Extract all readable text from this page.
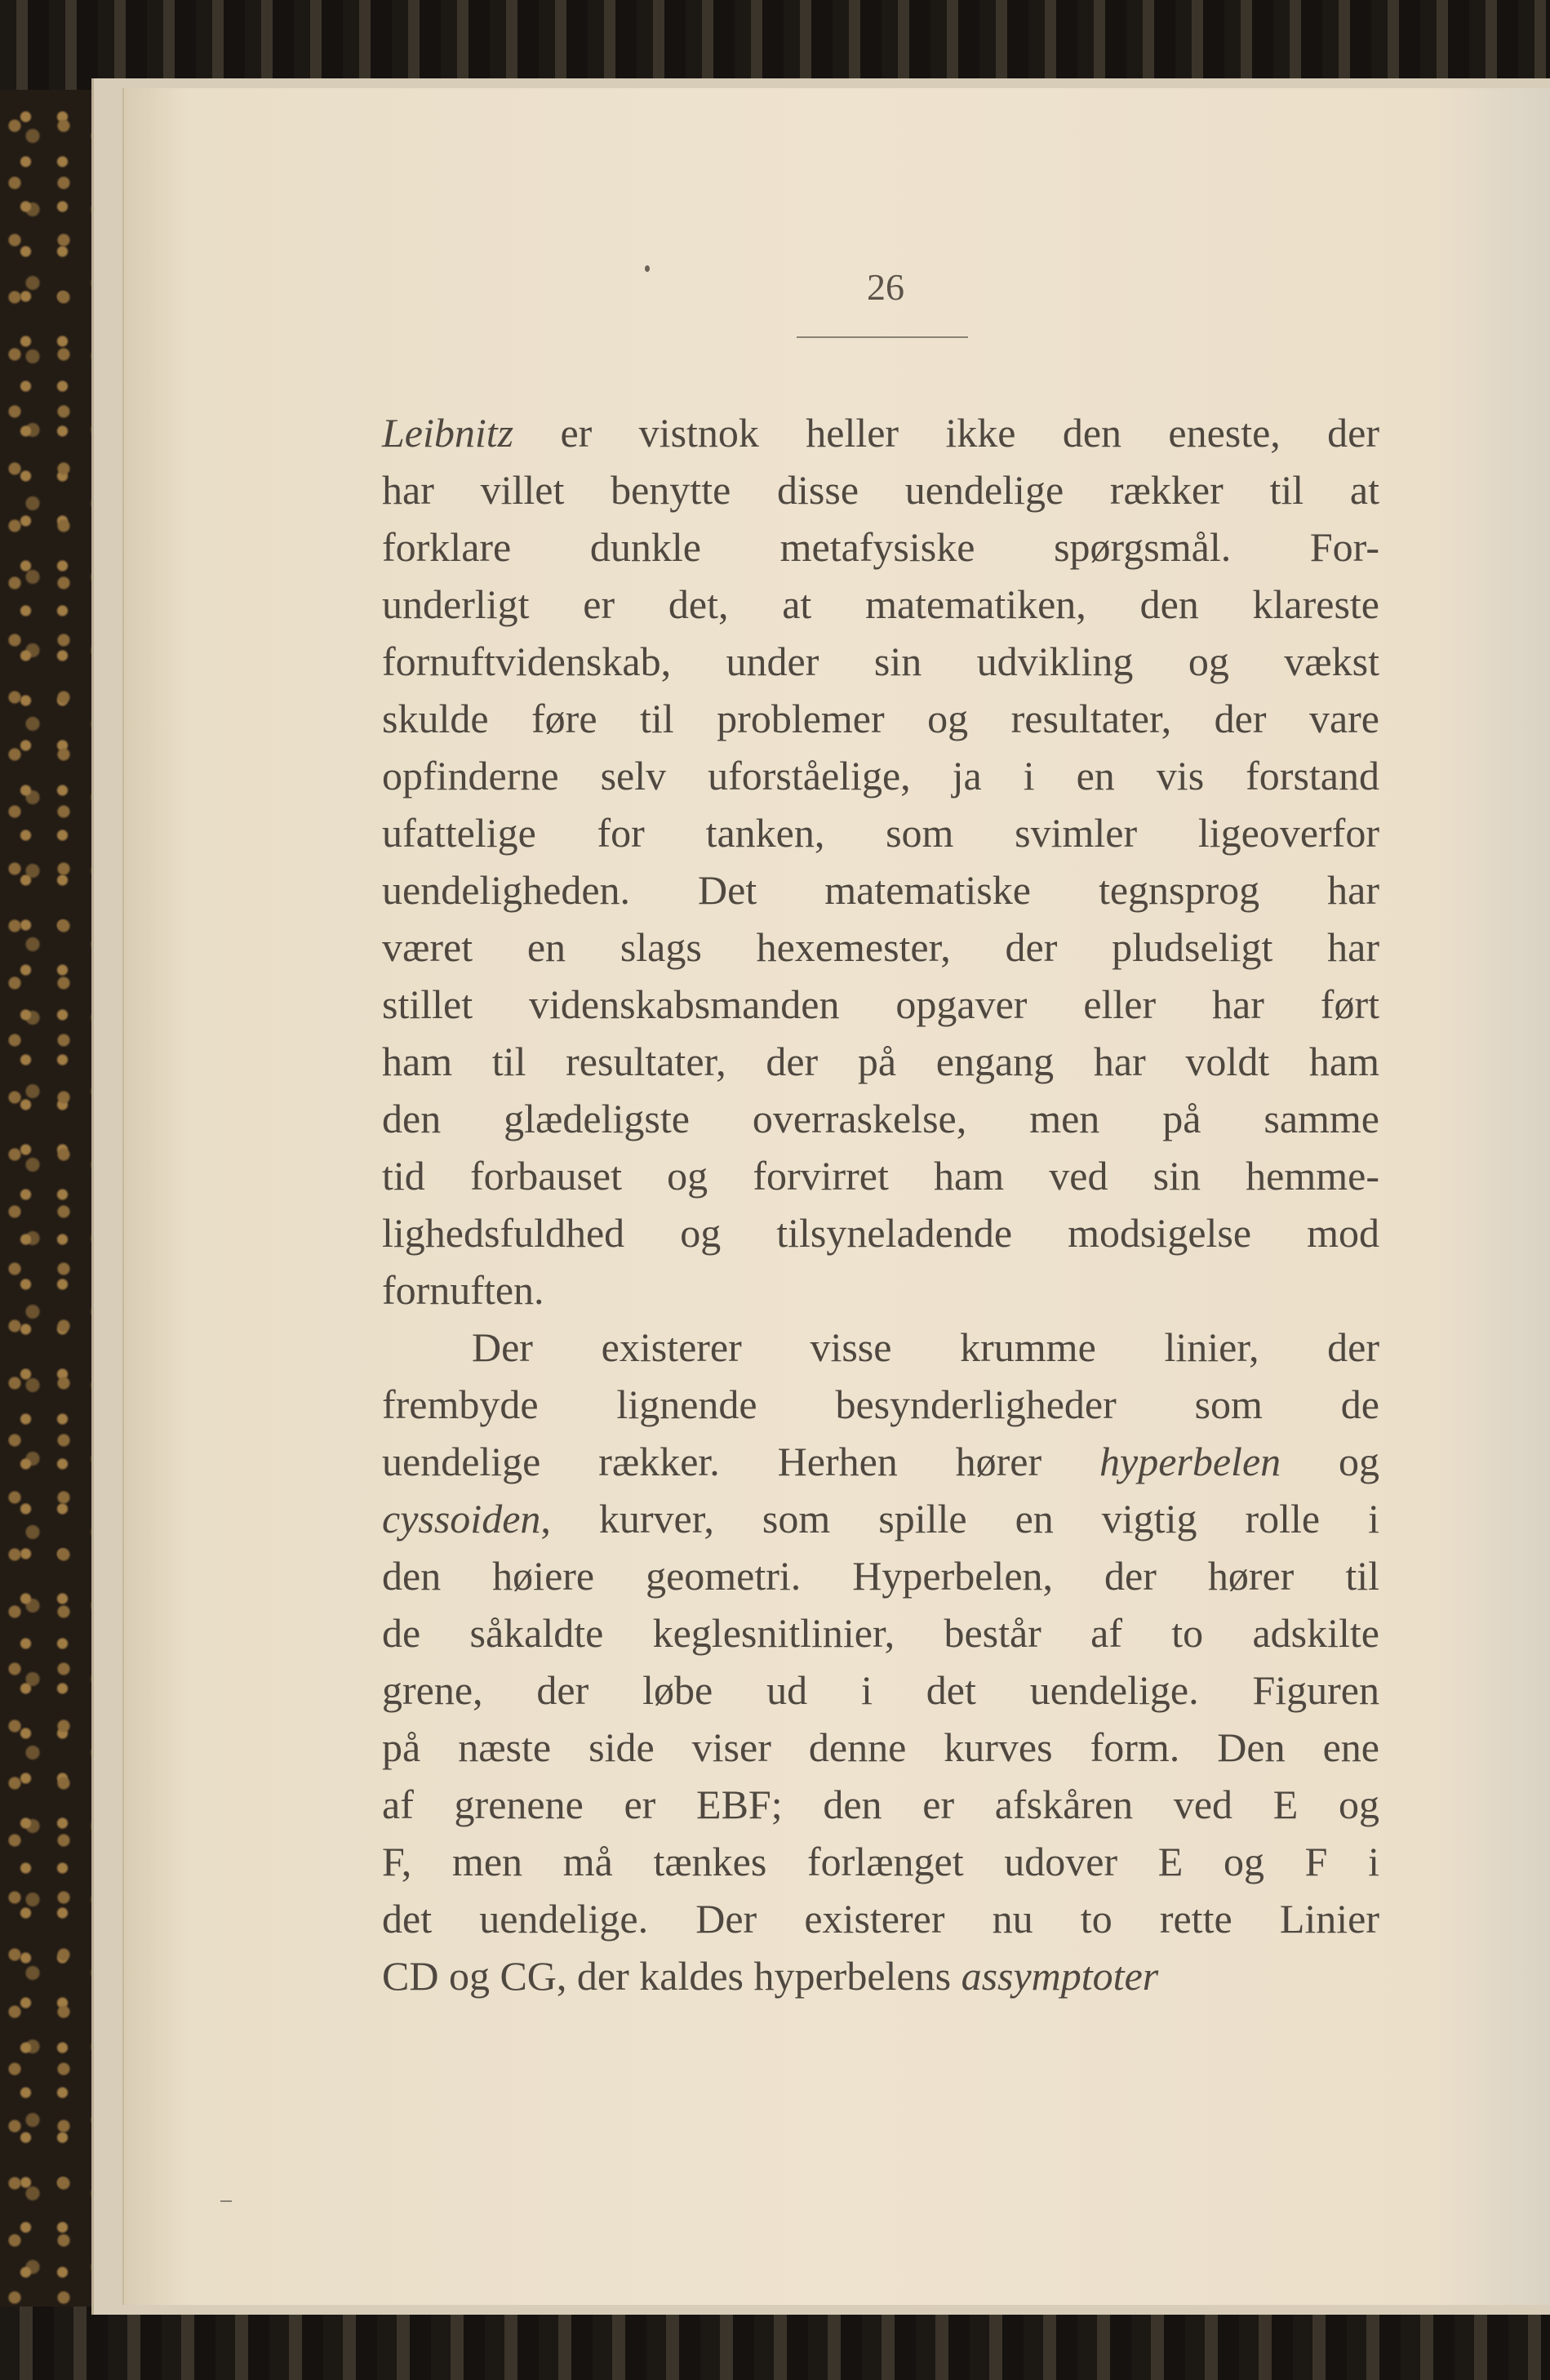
26
Leibnitz er vistnok heller ikke den eneste, der
har villet benytte disse uendelige rækker til at
forklare dunkle metafysiske spørgsmål. For-
underligt er det, at matematiken, den klareste
fornuftvidenskab, under sin udvikling og vækst
skulde føre til problemer og resultater, der vare
opfinderne selv uforståelige, ja i en vis forstand
ufattelige for tanken, som svimler ligeoverfor
uendeligheden. Det matematiske tegnsprog har
været en slags hexemester, der pludseligt har
stillet videnskabsmanden opgaver eller har ført
ham til resultater, der på engang har voldt ham
den glædeligste overraskelse, men på samme
tid forbauset og forvirret ham ved sin hemme-
lighedsfuldhed og tilsyneladende modsigelse mod
fornuften.
Der existerer visse krumme linier, der
frembyde lignende besynderligheder som de
uendelige rækker. Herhen hører hyperbelen og
cyssoiden, kurver, som spille en vigtig rolle i
den høiere geometri. Hyperbelen, der hører til
de såkaldte keglesnitlinier, består af to adskilte
grene, der løbe ud i det uendelige. Figuren
på næste side viser denne kurves form. Den ene
af grenene er EBF; den er afskåren ved E og
F, men må tænkes forlænget udover E og F i
det uendelige. Der existerer nu to rette Linier
CD og CG, der kaldes hyperbelens assymptoter
